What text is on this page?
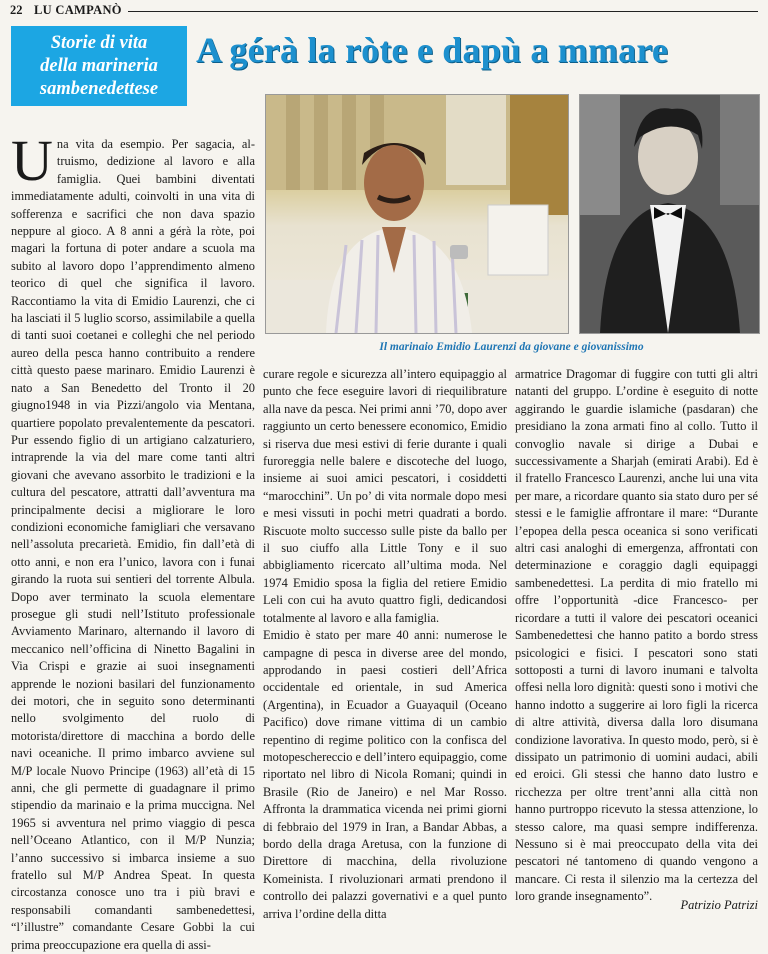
22 LU CAMPANÒ
Storie di vita
della marineria
sambenedettese
A gérà la ròte e dapù a mmare
Il marinaio Emidio Laurenzi da giovane e giovanissimo
U na vita da esempio. Per sagacia, altruismo, dedizione al lavoro e alla famiglia. Quei bambini diventati immediatamente adulti, coinvolti in una vita di sofferenza e sacrifici che non dava spazio neppure al gioco. A 8 anni a gérà la ròte, poi magari la fortuna di poter andare a scuola ma subito al lavoro dopo l’apprendimento almeno teorico di quel che significa il lavoro. Raccontiamo la vita di Emidio Laurenzi, che ci ha lasciati il 5 luglio scorso, assimilabile a quella di tanti suoi coetanei e colleghi che nel periodo aureo della pesca hanno contribuito a rendere città questo paese marinaro. Emidio Laurenzi è nato a San Benedetto del Tronto il 20 giugno1948 in via Pizzi/angolo via Mentana, quartiere popolato prevalentemente da pescatori. Pur essendo figlio di un artigiano calzaturiero, intraprende la via del mare come tanti altri giovani che avevano assorbito le tradizioni e la cultura del pescatore, attratti dall’avventura ma principalmente decisi a migliorare le loro condizioni economiche famigliari che versavano nell’assoluta precarietà. Emidio, fin dall’età di otto anni, e non era l’unico, lavora con i funai girando la ruota sui sentieri del torrente Albula. Dopo aver terminato la scuola elementare prosegue gli studi nell’Istituto professionale Avviamento Marinaro, alternando il lavoro di meccanico nell’officina di Ninetto Bagalini in Via Crispi e grazie ai suoi insegnamenti apprende le nozioni basilari del funzionamento dei motori, che in seguito sono determinanti nello svolgimento del ruolo di motorista/direttore di macchina a bordo delle navi oceaniche. Il primo imbarco avviene sul M/P locale Nuovo Principe (1963) all’età di 15 anni, che gli permette di guadagnare il primo stipendio da marinaio e la prima muccigna. Nel 1965 si avventura nel primo viaggio di pesca nell’Oceano Atlantico, con il M/P Nunzia; l’anno successivo si imbarca insieme a suo fratello sul M/P Andrea Speat. In questa circostanza conosce uno tra i più bravi e responsabili comandanti sambenedettesi, “l’illustre” comandante Cesare Gobbi la cui prima preoccupazione era quella di assi-

curare regole e sicurezza all’intero equipaggio al punto che fece eseguire lavori di riequilibrature alla nave da pesca. Nei primi anni ’70, dopo aver raggiunto un certo benessere economico, Emidio si riserva due mesi estivi di ferie durante i quali furoreggia nelle balere e discoteche del luogo, insieme ai suoi amici pescatori, i cosiddetti “marocchini”. Un po’ di vita normale dopo mesi e mesi vissuti in pochi metri quadrati a bordo. Riscuote molto successo sulle piste da ballo per il suo ciuffo alla Little Tony e il suo abbigliamento ricercato all’ultima moda. Nel 1974 Emidio sposa la figlia del retiere Emidio Leli con cui ha avuto quattro figli, dedicandosi totalmente al lavoro e alla famiglia.

Emidio è stato per mare 40 anni: numerose le campagne di pesca in diverse aree del mondo, approdando in paesi costieri dell’Africa occidentale ed orientale, in sud America (Argentina), in Ecuador a Guayaquil (Oceano Pacifico) dove rimane vittima di un cambio repentino di regime politico con la confisca del motopeschereccio e dell’intero equipaggio, come riportato nel libro di Nicola Romani; quindi in Brasile (Rio de Janeiro) e nel Mar Rosso. Affronta la drammatica vicenda nei primi giorni di febbraio del 1979 in Iran, a Bandar Abbas, a bordo della draga Aretusa, con la funzione di Direttore di macchina, della rivoluzione Komeinista. I rivoluzionari armati prendono il controllo dei palazzi governativi e a quel punto arriva l’ordine della ditta

armatrice Dragomar di fuggire con tutti gli altri natanti del gruppo. L’ordine è eseguito di notte aggirando le guardie islamiche (pasdaran) che presidiano la zona armati fino al collo. Tutto il convoglio navale si dirige a Dubai e successivamente a Sharjah (emirati Arabi). Ed è il fratello Francesco Laurenzi, anche lui una vita per mare, a ricordare quanto sia stato duro per sé stessi e le famiglie affrontare il mare: “Durante l’epopea della pesca oceanica si sono verificati altri casi analoghi di emergenza, affrontati con determinazione e coraggio dagli equipaggi sambenedettesi. La perdita di mio fratello mi offre l’opportunità -dice Francesco- per ricordare a tutti il valore dei pescatori oceanici Sambenedettesi che hanno patito a bordo stress psicologici e fisici. I pescatori sono stati sottoposti a turni di lavoro inumani e talvolta offesi nella loro dignità: questi sono i motivi che hanno indotto a suggerire ai loro figli la ricerca di altre attività, diversa dalla loro disumana condizione lavorativa. In questo modo, però, si è dissipato un patrimonio di uomini audaci, abili ed eroici. Gli stessi che hanno dato lustro e ricchezza per oltre trent’anni alla città non hanno purtroppo ricevuto la stessa attenzione, lo stesso calore, ma quasi sempre indifferenza. Nessuno si è mai preoccupato della vita dei pescatori né tantomeno di quando vengono a mancare. Ci resta il silenzio ma la certezza del loro grande insegnamento”.

Patrizio Patrizi
